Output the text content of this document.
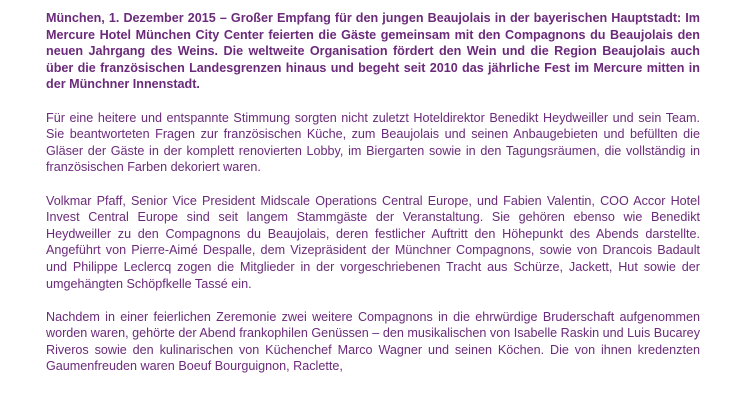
München, 1. Dezember 2015 – Großer Empfang für den jungen Beaujolais in der bayerischen Hauptstadt: Im Mercure Hotel München City Center feierten die Gäste gemeinsam mit den Compagnons du Beaujolais den neuen Jahrgang des Weins. Die weltweite Organisation fördert den Wein und die Region Beaujolais auch über die französischen Landesgrenzen hinaus und begeht seit 2010 das jährliche Fest im Mercure mitten in der Münchner Innenstadt.

Für eine heitere und entspannte Stimmung sorgten nicht zuletzt Hoteldirektor Benedikt Heydweiller und sein Team. Sie beantworteten Fragen zur französischen Küche, zum Beaujolais und seinen Anbaugebieten und befüllten die Gläser der Gäste in der komplett renovierten Lobby, im Biergarten sowie in den Tagungsräumen, die vollständig in französischen Farben dekoriert waren.

Volkmar Pfaff, Senior Vice President Midscale Operations Central Europe, und Fabien Valentin, COO Accor Hotel Invest Central Europe sind seit langem Stammgäste der Veranstaltung. Sie gehören ebenso wie Benedikt Heydweiller zu den Compagnons du Beaujolais, deren festlicher Auftritt den Höhepunkt des Abends darstellte. Angeführt von Pierre-Aimé Despalle, dem Vizepräsident der Münchner Compagnons, sowie von Drancois Badault und Philippe Leclercq zogen die Mitglieder in der vorgeschriebenen Tracht aus Schürze, Jackett, Hut sowie der umgehängten Schöpfkelle Tassé ein.

Nachdem in einer feierlichen Zeremonie zwei weitere Compagnons in die ehrwürdige Bruderschaft aufgenommen worden waren, gehörte der Abend frankophilen Genüssen – den musikalischen von Isabelle Raskin und Luis Bucarey Riveros sowie den kulinarischen von Küchenchef Marco Wagner und seinen Köchen. Die von ihnen kredenzten Gaumenfreuden waren Boeuf Bourguignon, Raclette,
